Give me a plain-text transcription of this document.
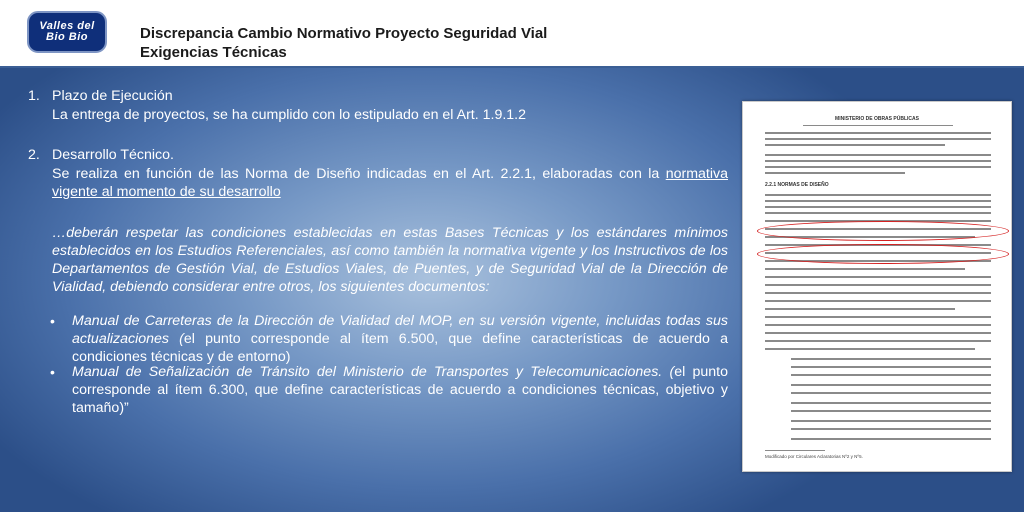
Valles del
Bio Bio	Discrepancia Cambio Normativo Proyecto Seguridad Vial
Exigencias Técnicas
1. Plazo de Ejecución
La entrega de proyectos, se ha cumplido con lo estipulado en el Art. 1.9.1.2
2. Desarrollo Técnico.
Se realiza en función de las Norma de Diseño indicadas en el Art. 2.2.1, elaboradas con la normativa vigente al momento de su desarrollo
…deberán respetar las condiciones establecidas en estas Bases Técnicas y los estándares mínimos establecidos en los Estudios Referenciales, así como también la normativa vigente y los Instructivos de los Departamentos de Gestión Vial, de Estudios Viales, de Puentes, y de Seguridad Vial de la Dirección de Vialidad, debiendo considerar entre otros, los siguientes documentos:
• Manual de Carreteras de la Dirección de Vialidad del MOP, en su versión vigente, incluidas todas sus actualizaciones (el punto corresponde al ítem 6.500, que define características de acuerdo a condiciones técnicas y de entorno)
• Manual de Señalización de Tránsito del Ministerio de Transportes y Telecomunicaciones. (el punto corresponde al ítem 6.300, que define características de acuerdo a condiciones técnicas, objetivo y tamaño)”
MINISTERIO DE OBRAS PÚBLICAS
2.2.1 NORMAS DE DISEÑO
Modificado por Circulares Aclaratorias Nº2 y Nº5.
